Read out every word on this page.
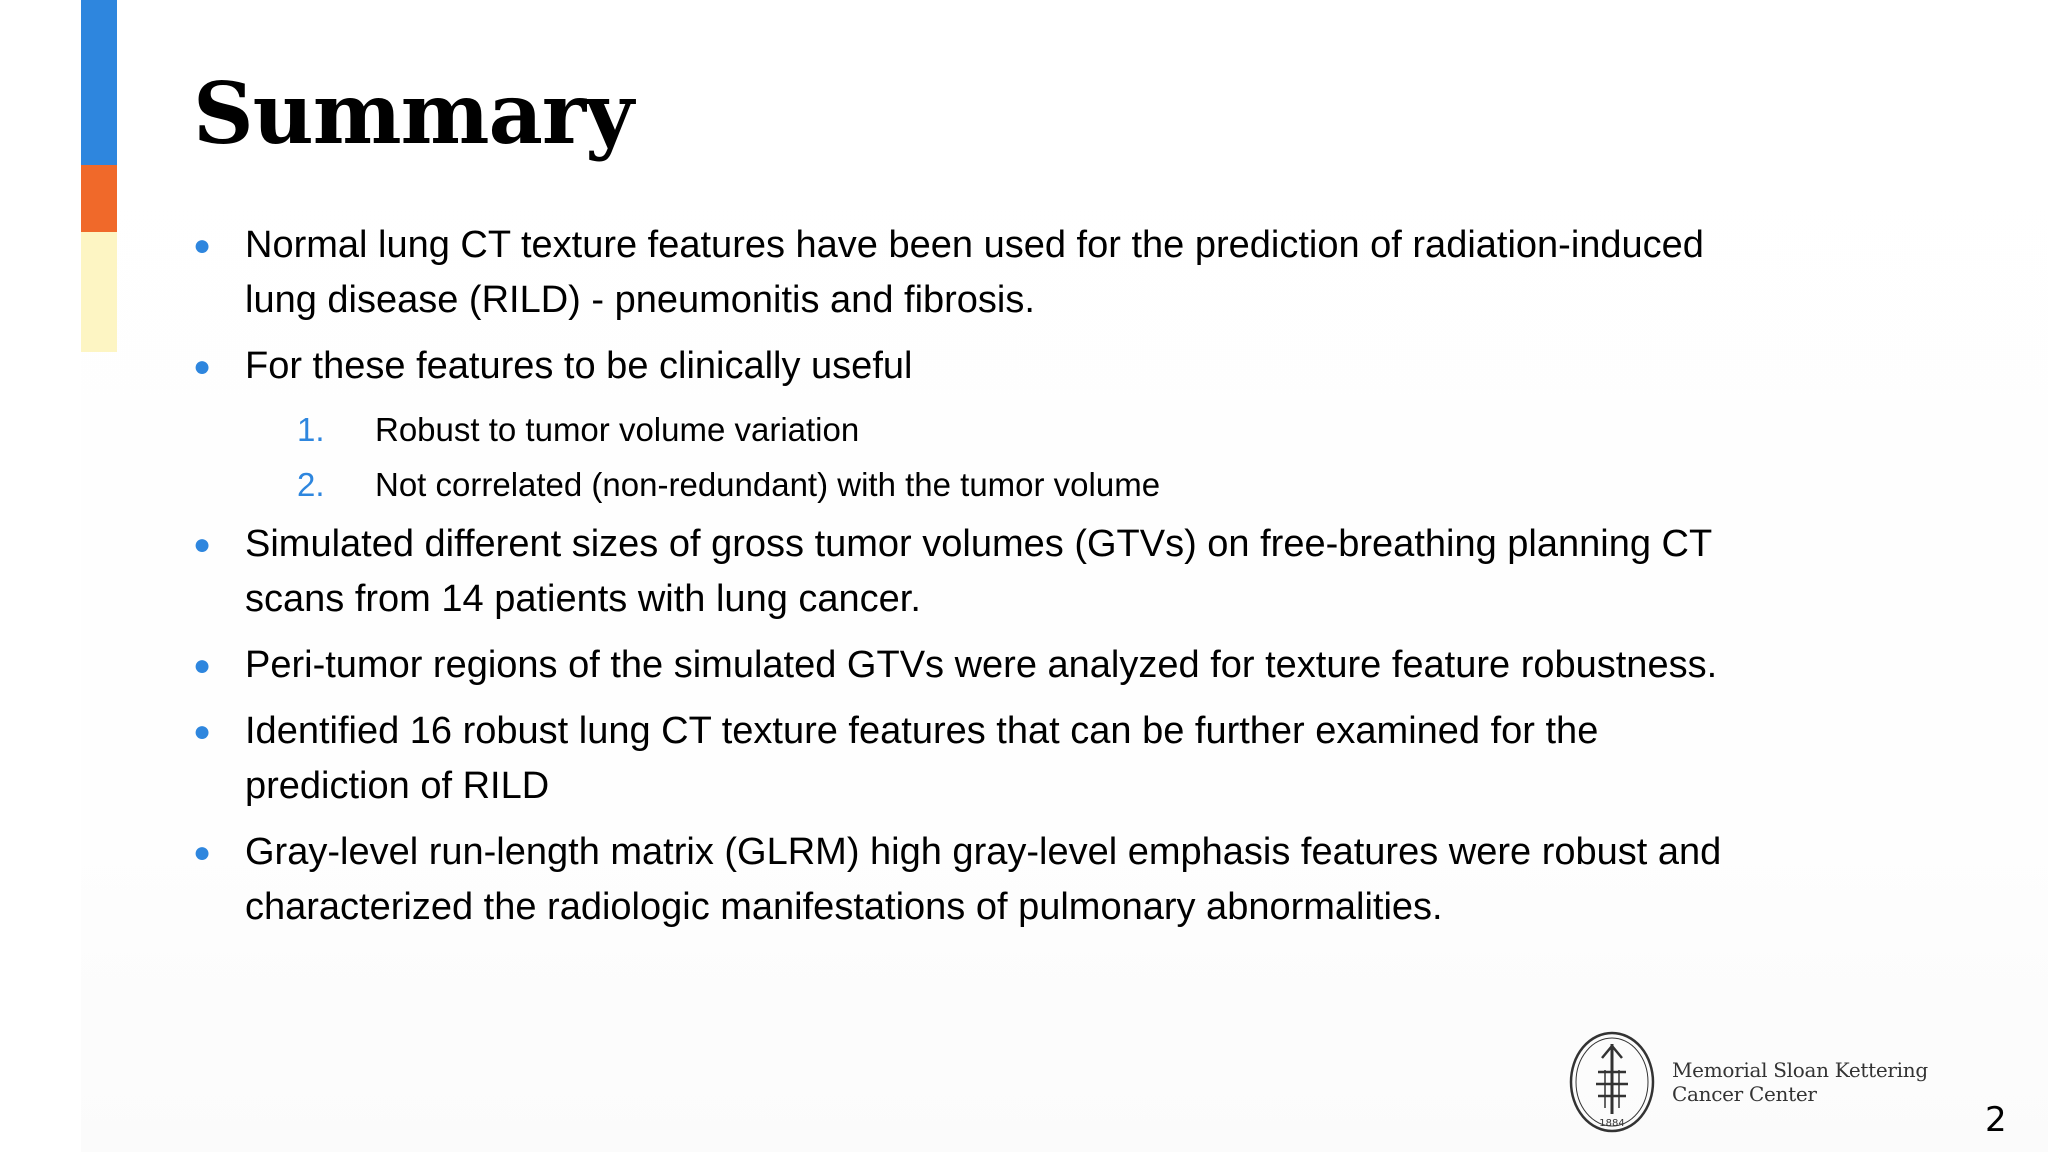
Summary
● Normal lung CT texture features have been used for the prediction of radiation-induced
lung disease (RILD) - pneumonitis and fibrosis.
● For these features to be clinically useful
1. Robust to tumor volume variation
2. Not correlated (non-redundant) with the tumor volume
● Simulated different sizes of gross tumor volumes (GTVs) on free-breathing planning CT
scans from 14 patients with lung cancer.
● Peri-tumor regions of the simulated GTVs were analyzed for texture feature robustness.
● Identified 16 robust lung CT texture features that can be further examined for the
prediction of RILD
● Gray-level run-length matrix (GLRM) high gray-level emphasis features were robust and
characterized the radiologic manifestations of pulmonary abnormalities.
1884
Memorial Sloan Kettering
Cancer Center
2
